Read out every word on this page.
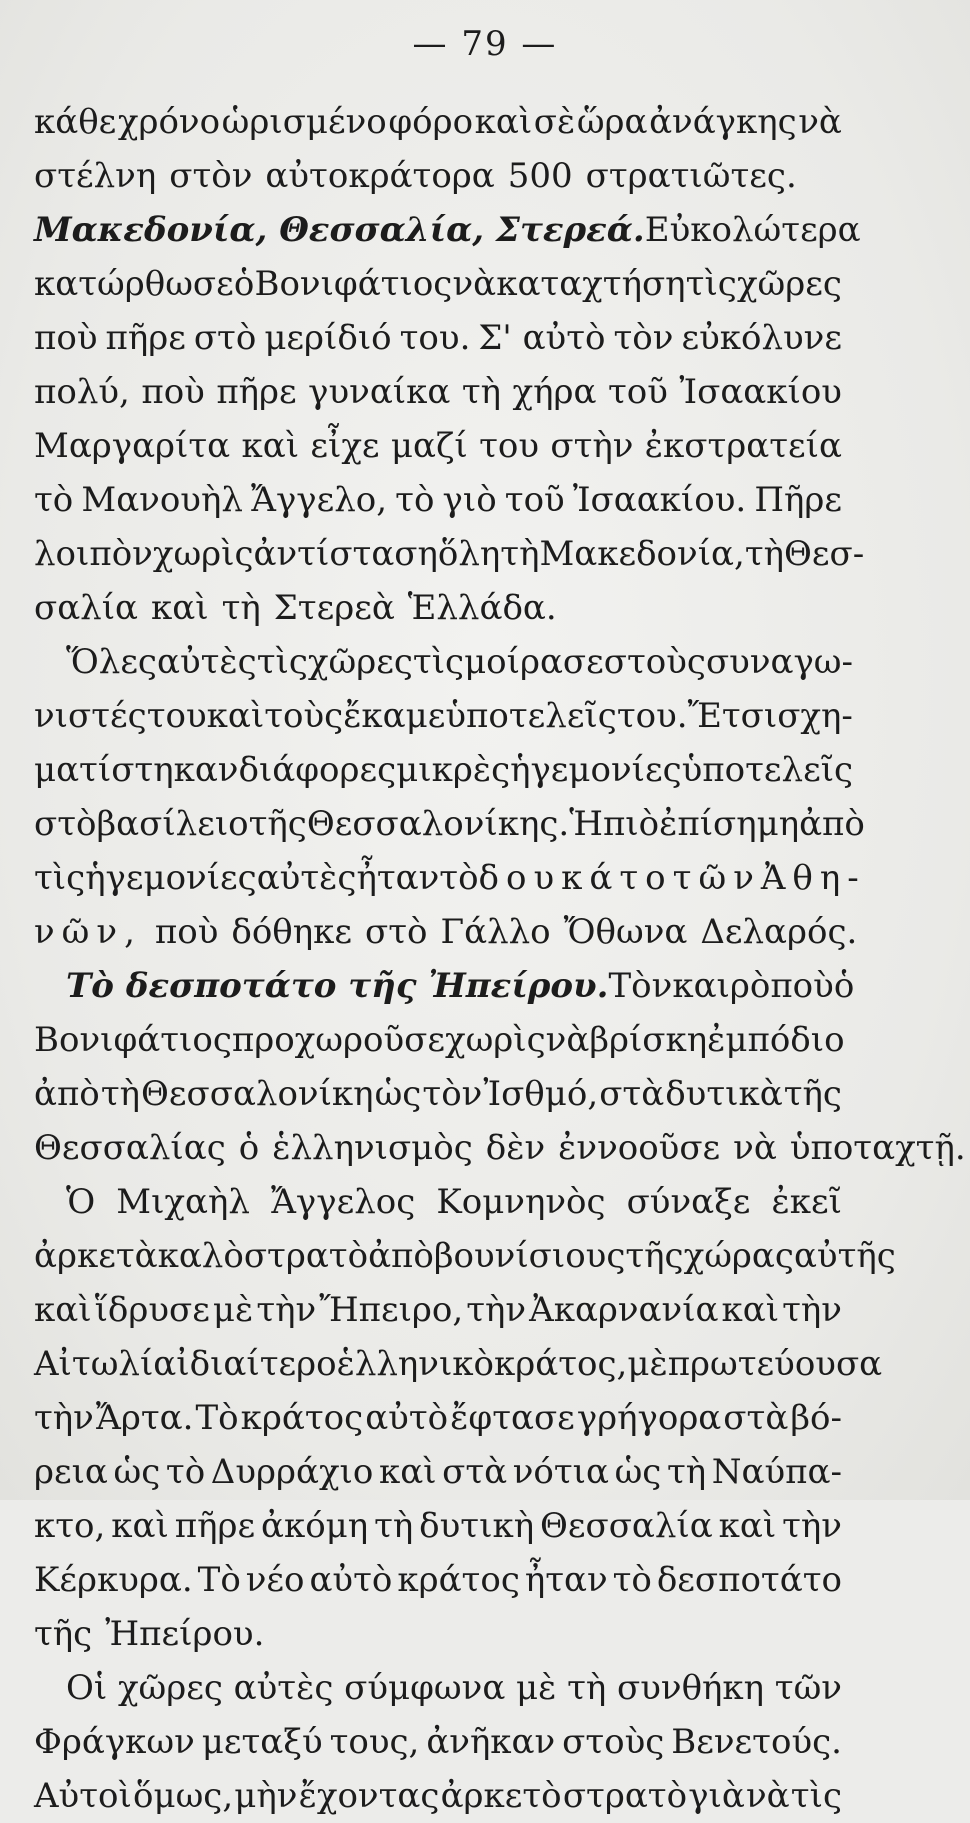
— 79 —
κάθε χρόνο ὡρισμένο φόρο καὶ σὲ ὥρα ἀνάγκης νὰ
στέλνη στὸν αὐτοκράτορα 500 στρατιῶτες.
Μακεδονία, Θεσσαλία, Στερεά. Εὐκολώτερα
κατώρθωσε ὁ Βονιφάτιος νὰ καταχτήση τὶς χῶρες
ποὺ πῆρε στὸ μερίδιό του. Σ' αὐτὸ τὸν εὐκόλυνε
πολύ, ποὺ πῆρε γυναίκα τὴ χήρα τοῦ Ἰσαακίου
Μαργαρίτα καὶ εἶχε μαζί του στὴν ἐκστρατεία
τὸ Μανουὴλ Ἄγγελο, τὸ γιὸ τοῦ Ἰσαακίου. Πῆρε
λοιπὸν χωρὶς ἀντίσταση ὅλη τὴ Μακεδονία, τὴ Θεσ-
σαλία καὶ τὴ Στερεὰ Ἑλλάδα.
Ὅλες αὐτὲς τὶς χῶρες τὶς μοίρασε στοὺς συναγω-
νιστές του καὶ τοὺς ἔκαμε ὑποτελεῖς του. Ἔτσι σχη-
ματίστηκαν διάφορες μικρὲς ἡγεμονίες ὑποτελεῖς
στὸ βασίλειο τῆς Θεσσαλονίκης. Ἡ πιὸ ἐπίσημη ἀπὸ
τὶς ἡγεμονίες αὐτὲς ἦταν τὸ δουκάτο τῶν Ἀθη-
νῶν, ποὺ δόθηκε στὸ Γάλλο Ὄθωνα Δελαρός.
Τὸ δεσποτάτο τῆς Ἠπείρου. Τὸν καιρὸ ποὺ ὁ
Βονιφάτιος προχωροῦσε χωρὶς νὰ βρίσκη ἐμπόδιο
ἀπὸ τὴ Θεσσαλονίκη ὡς τὸν Ἰσθμό, στὰ δυτικὰ τῆς
Θεσσαλίας ὁ ἑλληνισμὸς δὲν ἐννοοῦσε νὰ ὑποταχτῇ.
Ὁ Μιχαὴλ Ἄγγελος Κομνηνὸς σύναξε ἐκεῖ
ἀρκετὰ καλὸ στρατὸ ἀπὸ βουνίσιους τῆς χώρας αὐτῆς
καὶ ἵδρυσε μὲ τὴν Ἤπειρο, τὴν Ἀκαρνανία καὶ τὴν
Αἰτωλία ἰδιαίτερο ἑλληνικὸ κράτος, μὲ πρωτεύουσα
τὴν Ἄρτα. Τὸ κράτος αὐτὸ ἔφτασε γρήγορα στὰ βό-
ρεια ὡς τὸ Δυρράχιο καὶ στὰ νότια ὡς τὴ Ναύπα-
κτο, καὶ πῆρε ἀκόμη τὴ δυτικὴ Θεσσαλία καὶ τὴν
Κέρκυρα. Τὸ νέο αὐτὸ κράτος ἦταν τὸ δεσποτάτο
τῆς Ἠπείρου.
Οἱ χῶρες αὐτὲς σύμφωνα μὲ τὴ συνθήκη τῶν
Φράγκων μεταξύ τους, ἀνῆκαν στοὺς Βενετούς.
Αὐτοὶ ὅμως, μὴν ἔχοντας ἀρκετὸ στρατὸ γιὰ νὰ τὶς
